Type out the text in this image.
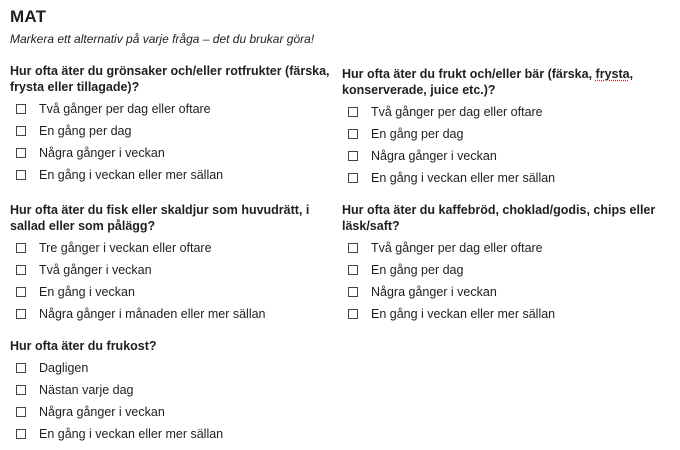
MAT
Markera ett alternativ på varje fråga – det du brukar göra!
Hur ofta äter du grönsaker och/eller rotfrukter (färska, frysta eller tillagade)?
Två gånger per dag eller oftare
En gång per dag
Några gånger i veckan
En gång i veckan eller mer sällan
Hur ofta äter du frukt och/eller bär (färska, frysta, konserverade, juice etc.)?
Två gånger per dag eller oftare
En gång per dag
Några gånger i veckan
En gång i veckan eller mer sällan
Hur ofta äter du fisk eller skaldjur som huvudrätt, i sallad eller som pålägg?
Tre gånger i veckan eller oftare
Två gånger i veckan
En gång i veckan
Några gånger i månaden eller mer sällan
Hur ofta äter du kaffebröd, choklad/godis, chips eller läsk/saft?
Två gånger per dag eller oftare
En gång per dag
Några gånger i veckan
En gång i veckan eller mer sällan
Hur ofta äter du frukost?
Dagligen
Nästan varje dag
Några gånger i veckan
En gång i veckan eller mer sällan
